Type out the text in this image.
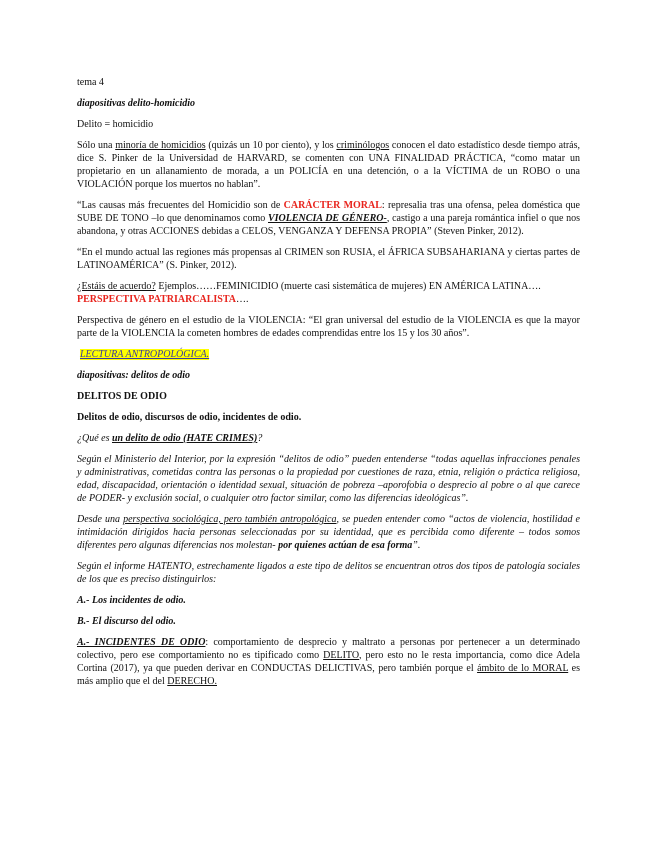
tema 4

diapositivas delito-homicidio

Delito = homicidio

Sólo una minoría de homicidios (quizás un 10 por ciento), y los criminólogos conocen el dato estadístico desde tiempo atrás, dice S. Pinker de la Universidad de HARVARD, se comenten con UNA FINALIDAD PRÁCTICA, “como matar un propietario en un allanamiento de morada, a un POLICÍA en una detención, o a la VÍCTIMA de un ROBO o una VIOLACIÓN porque los muertos no hablan”.

“Las causas más frecuentes del Homicidio son de CARÁCTER MORAL: represalia tras una ofensa, pelea doméstica que SUBE DE TONO –lo que denominamos como VIOLENCIA DE GÉNERO-, castigo a una pareja romántica infiel o que nos abandona, y otras ACCIONES debidas a CELOS, VENGANZA Y DEFENSA PROPIA” (Steven Pinker, 2012).

“En el mundo actual las regiones más propensas al CRIMEN son RUSIA, el ÁFRICA SUBSAHARIANA y ciertas partes de LATINOAMÉRICA” (S. Pinker, 2012).

¿Estáis de acuerdo? Ejemplos……FEMINICIDIO (muerte casi sistemática de mujeres) EN AMÉRICA LATINA….
PERSPECTIVA PATRIARCALISTA….

Perspectiva de género en el estudio de la VIOLENCIA: “El gran universal del estudio de la VIOLENCIA es que la mayor parte de la VIOLENCIA la cometen hombres de edades comprendidas entre los 15 y los 30 años”.

LECTURA ANTROPOLÓGICA.

diapositivas: delitos de odio

DELITOS DE ODIO

Delitos de odio, discursos de odio, incidentes de odio.

¿Qué es un delito de odio (HATE CRIMES)?

Según el Ministerio del Interior, por la expresión “delitos de odio” pueden entenderse “todas aquellas infracciones penales y administrativas, cometidas contra las personas o la propiedad por cuestiones de raza, etnia, religión o práctica religiosa, edad, discapacidad, orientación o identidad sexual, situación de pobreza –aporofobia o desprecio al pobre o al que carece de PODER- y exclusión social, o cualquier otro factor similar, como las diferencias ideológicas”.

Desde una perspectiva sociológica, pero también antropológica, se pueden entender como “actos de violencia, hostilidad e intimidación dirigidos hacia personas seleccionadas por su identidad, que es percibida como diferente – todos somos diferentes pero algunas diferencias nos molestan- por quienes actúan de esa forma”.

Según el informe HATENTO, estrechamente ligados a este tipo de delitos se encuentran otros dos tipos de patología sociales de los que es preciso distinguirlos:

A.- Los incidentes de odio.

B.- El discurso del odio.

A.- INCIDENTES DE ODIO: comportamiento de desprecio y maltrato a personas por pertenecer a un determinado colectivo, pero ese comportamiento no es tipificado como DELITO, pero esto no le resta importancia, como dice Adela Cortina (2017), ya que pueden derivar en CONDUCTAS DELICTIVAS, pero también porque el ámbito de lo MORAL es más amplio que el del DERECHO.
